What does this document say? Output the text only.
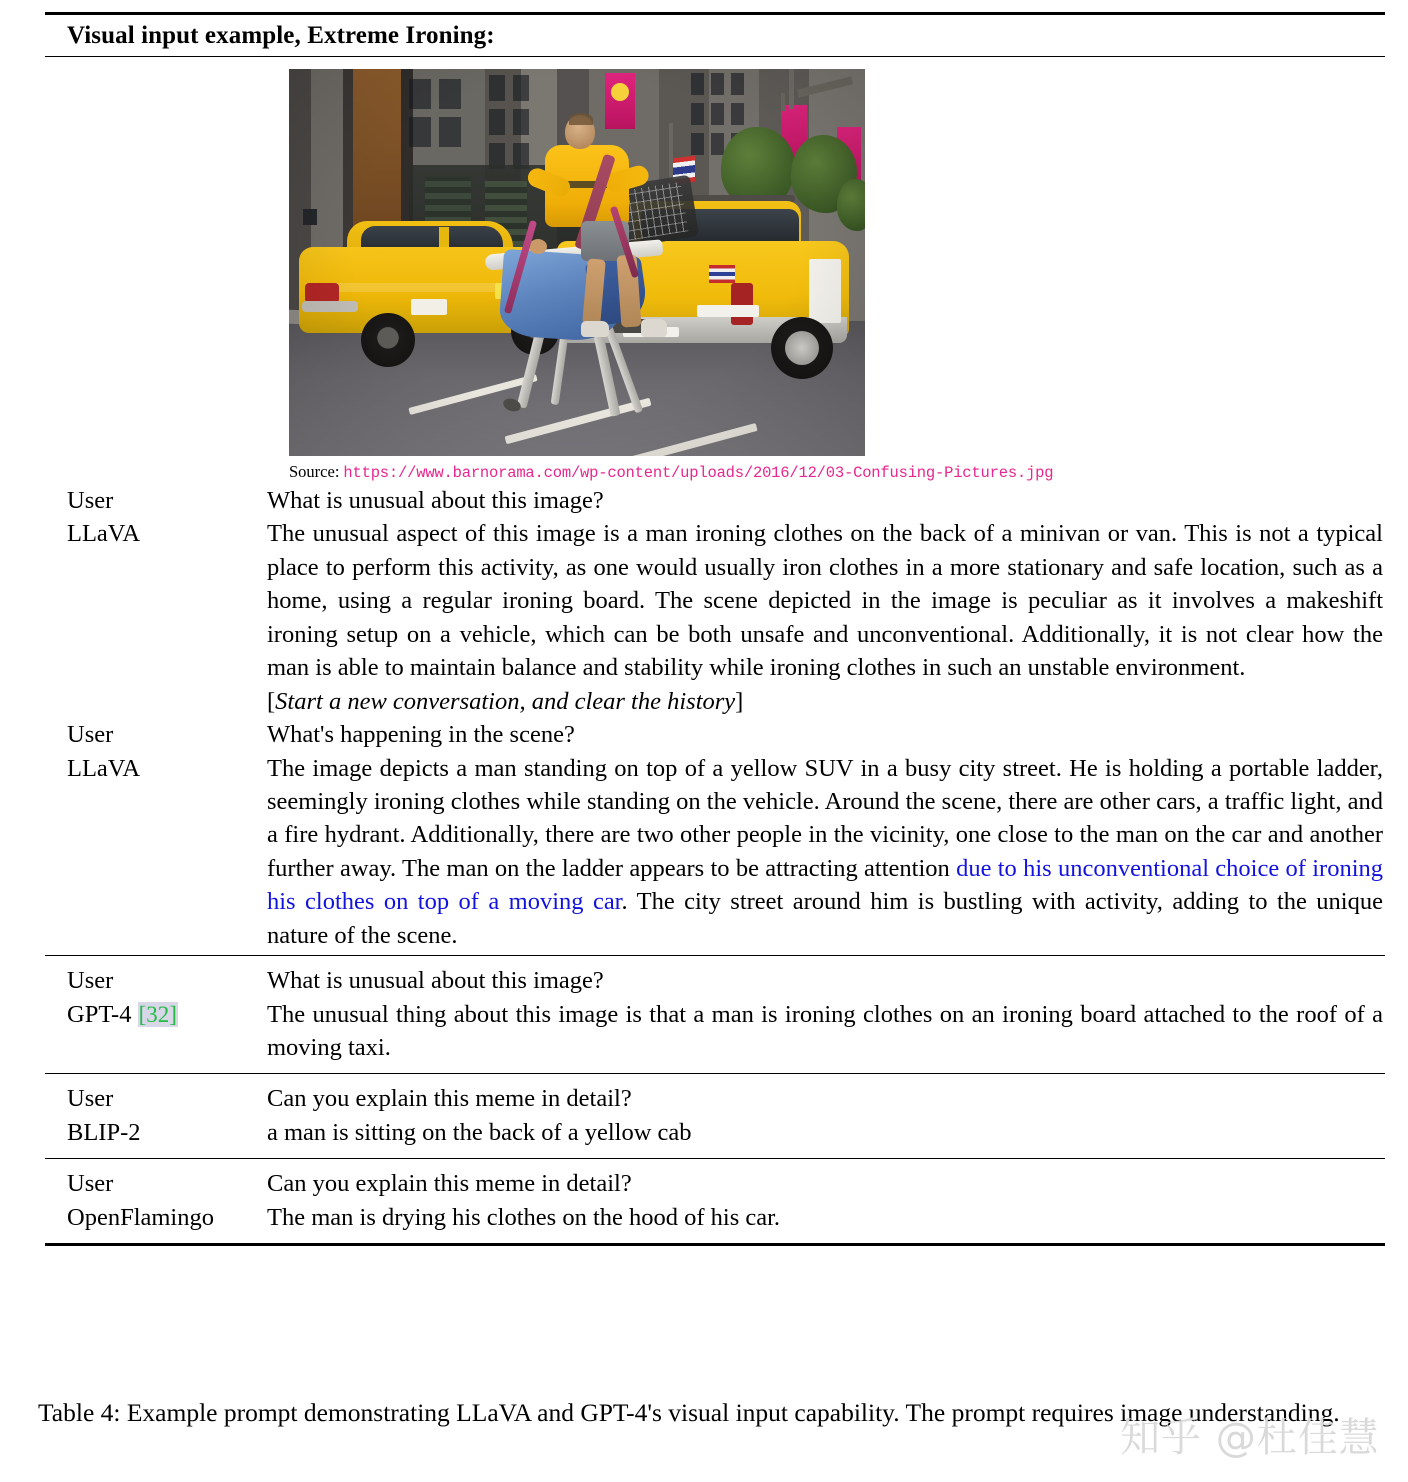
Visual input example, Extreme Ironing:
Source: https://www.barnorama.com/wp-content/uploads/2016/12/03-Confusing-Pictures.jpg
User	What is unusual about this image?
LLaVA	The unusual aspect of this image is a man ironing clothes on the back of a minivan or van. This is not a typical place to perform this activity, as one would usually iron clothes in a more stationary and safe location, such as a home, using a regular ironing board. The scene depicted in the image is peculiar as it involves a makeshift ironing setup on a vehicle, which can be both unsafe and unconventional. Additionally, it is not clear how the man is able to maintain balance and stability while ironing clothes in such an unstable environment.
[Start a new conversation, and clear the history]
User	What's happening in the scene?
LLaVA	The image depicts a man standing on top of a yellow SUV in a busy city street. He is holding a portable ladder, seemingly ironing clothes while standing on the vehicle. Around the scene, there are other cars, a traffic light, and a fire hydrant. Additionally, there are two other people in the vicinity, one close to the man on the car and another further away. The man on the ladder appears to be attracting attention due to his unconventional choice of ironing his clothes on top of a moving car. The city street around him is bustling with activity, adding to the unique nature of the scene.
User	What is unusual about this image?
GPT-4 [32]	The unusual thing about this image is that a man is ironing clothes on an ironing board attached to the roof of a moving taxi.
User	Can you explain this meme in detail?
BLIP-2	a man is sitting on the back of a yellow cab
User	Can you explain this meme in detail?
OpenFlamingo	The man is drying his clothes on the hood of his car.
Table 4: Example prompt demonstrating LLaVA and GPT-4's visual input capability. The prompt requires image understanding.
知乎 @杜佳慧
